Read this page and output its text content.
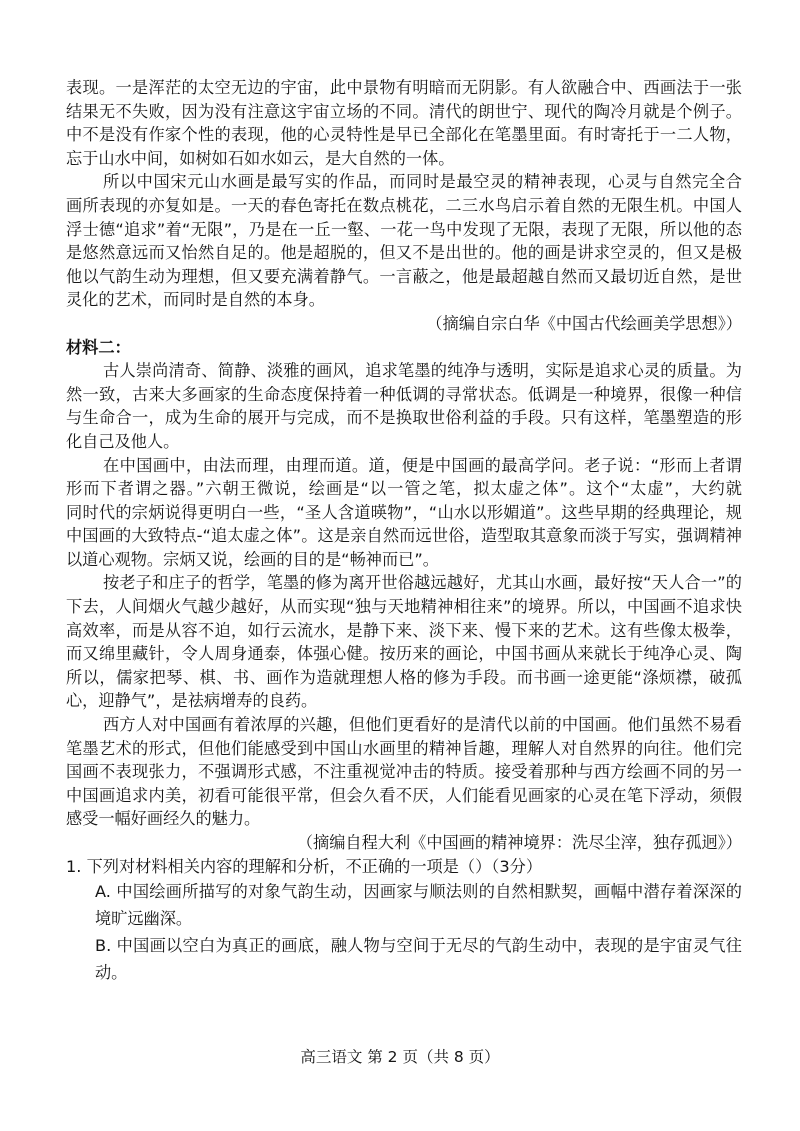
表现。一是浑茫的太空无边的宇宙，此中景物有明暗而无阴影。有人欲融合中、西画法于一张
结果无不失败，因为没有注意这宇宙立场的不同。清代的朗世宁、现代的陶冷月就是个例子。
中不是没有作家个性的表现，他的心灵特性是早已全部化在笔墨里面。有时寄托于一二人物，
忘于山水中间，如树如石如水如云，是大自然的一体。
所以中国宋元山水画是最写实的作品，而同时是最空灵的精神表现，心灵与自然完全合
画所表现的亦复如是。一天的春色寄托在数点桃花，二三水鸟启示着自然的无限生机。中国人
浮士德“追求”着“无限”，乃是在一丘一壑、一花一鸟中发现了无限，表现了无限，所以他的态
是悠然意远而又怡然自足的。他是超脱的，但又不是出世的。他的画是讲求空灵的，但又是极
他以气韵生动为理想，但又要充满着静气。一言蔽之，他是最超越自然而又最切近自然，是世
灵化的艺术，而同时是自然的本身。
（摘编自宗白华《中国古代绘画美学思想》）
材料二：
古人崇尚清奇、简静、淡雅的画风，追求笔墨的纯净与透明，实际是追求心灵的质量。为
然一致，古来大多画家的生命态度保持着一种低调的寻常状态。低调是一种境界，很像一种信
与生命合一，成为生命的展开与完成，而不是换取世俗利益的手段。只有这样，笔墨塑造的形
化自己及他人。
在中国画中，由法而理，由理而道。道，便是中国画的最高学问。老子说：“形而上者谓
形而下者谓之器。”六朝王微说，绘画是“以一管之笔，拟太虚之体”。这个“太虚”，大约就
同时代的宗炳说得更明白一些，“圣人含道暎物”，“山水以形媚道”。这些早期的经典理论，规
中国画的大致特点-“追太虚之体”。这是亲自然而远世俗，造型取其意象而淡于写实，强调精神
以道心观物。宗炳又说，绘画的目的是“畅神而已”。
按老子和庄子的哲学，笔墨的修为离开世俗越远越好，尤其山水画，最好按“天人合一”的
下去，人间烟火气越少越好，从而实现“独与天地精神相往来”的境界。所以，中国画不追求快
高效率，而是从容不迫，如行云流水，是静下来、淡下来、慢下来的艺术。这有些像太极拳，
而又绵里藏针，令人周身通泰，体强心健。按历来的画论，中国书画从来就长于纯净心灵、陶
所以，儒家把琴、棋、书、画作为造就理想人格的修为手段。而书画一途更能“涤烦襟，破孤
心，迎静气”，是祛病增寿的良药。
西方人对中国画有着浓厚的兴趣，但他们更看好的是清代以前的中国画。他们虽然不易看
笔墨艺术的形式，但他们能感受到中国山水画里的精神旨趣，理解人对自然界的向往。他们完
国画不表现张力，不强调形式感，不注重视觉冲击的特质。接受着那种与西方绘画不同的另一
中国画追求内美，初看可能很平常，但会久看不厌，人们能看见画家的心灵在笔下浮动，须假
感受一幅好画经久的魅力。
（摘编自程大利《中国画的精神境界：洗尽尘滓，独存孤迥》）
1. 下列对材料相关内容的理解和分析，不正确的一项是（）（3分）
A. 中国绘画所描写的对象气韵生动，因画家与顺法则的自然相默契，画幅中潜存着深深的
境旷远幽深。
B. 中国画以空白为真正的画底，融人物与空间于无尽的气韵生动中，表现的是宇宙灵气往
动。
高三语文 第 2 页（共 8 页）
